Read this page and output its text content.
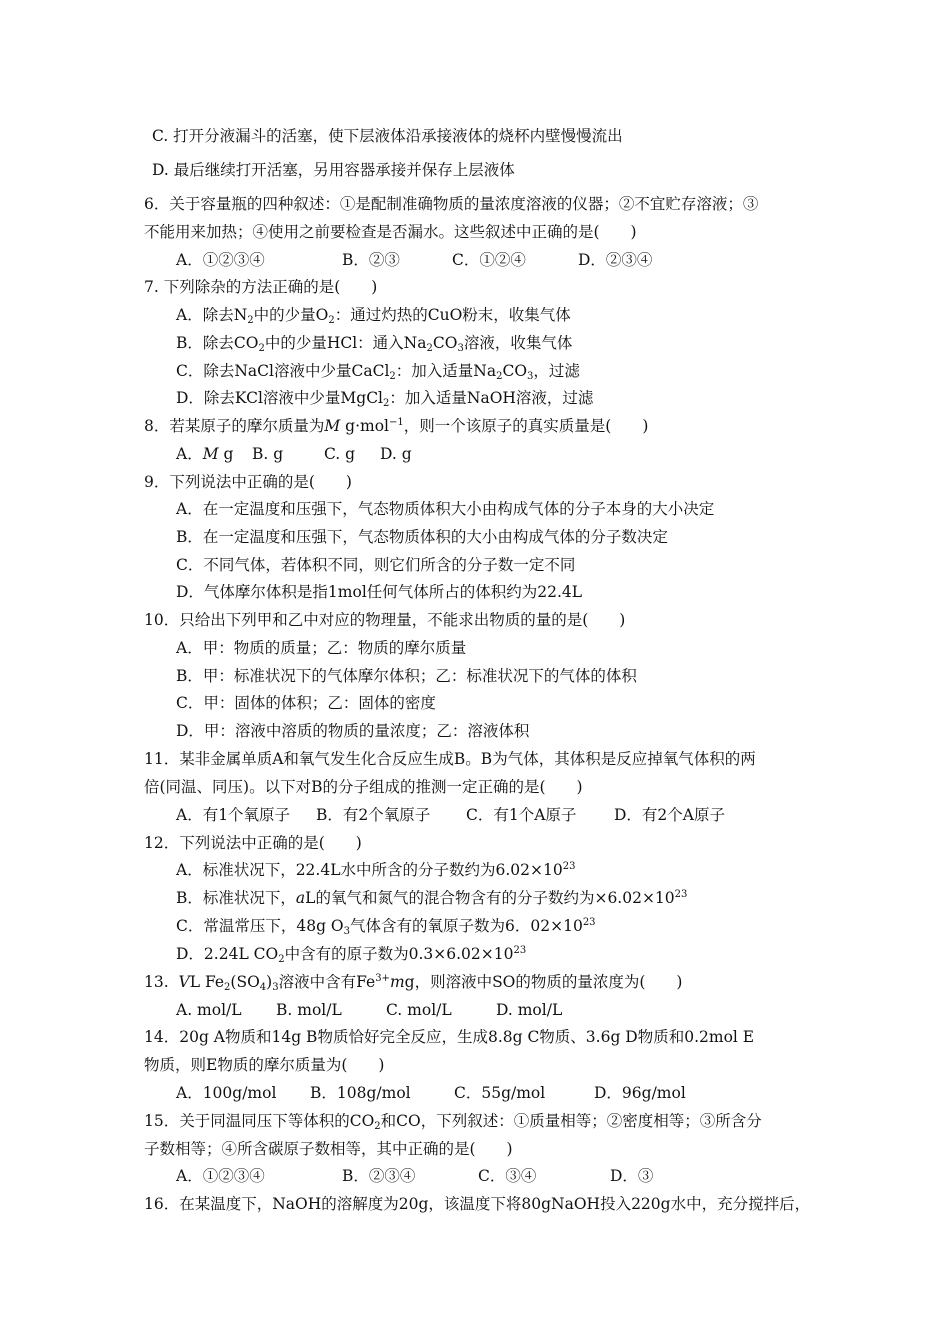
C. 打开分液漏斗的活塞，使下层液体沿承接液体的烧杯内壁慢慢流出
D. 最后继续打开活塞，另用容器承接并保存上层液体
6．关于容量瓶的四种叙述：①是配制准确物质的量浓度溶液的仪器；②不宜贮存溶液；③
不能用来加热；④使用之前要检查是否漏水。这些叙述中正确的是(　　)
A．①②③④	B．②③	C．①②④	D．②③④
7. 下列除杂的方法正确的是(　　)
A．除去$N_2$中的少量$O_2$：通过灼热的CuO粉末，收集气体
B．除去$CO_2$中的少量HCl：通入$Na_2CO_3$溶液，收集气体
C．除去NaCl溶液中少量CaCl$_2$：加入适量$Na_2CO_3$，过滤
D．除去KCl溶液中少量MgCl$_2$：加入适量NaOH溶液，过滤
8．若某原子的摩尔质量为M g·mol$^{-1}$，则一个该原子的真实质量是(　　)
A．M g	B. g	C. g	D. g
9．下列说法中正确的是(　　)
A．在一定温度和压强下，气态物质体积大小由构成气体的分子本身的大小决定
B．在一定温度和压强下，气态物质体积的大小由构成气体的分子数决定
C．不同气体，若体积不同，则它们所含的分子数一定不同
D．气体摩尔体积是指1mol任何气体所占的体积约为22.4L
10．只给出下列甲和乙中对应的物理量，不能求出物质的量的是(　　)
A．甲：物质的质量；乙：物质的摩尔质量
B．甲：标准状况下的气体摩尔体积；乙：标准状况下的气体的体积
C．甲：固体的体积；乙：固体的密度
D．甲：溶液中溶质的物质的量浓度；乙：溶液体积
11．某非金属单质A和氧气发生化合反应生成B。B为气体，其体积是反应掉氧气体积的两
倍(同温、同压)。以下对B的分子组成的推测一定正确的是(　　)
A．有1个氧原子	B．有2个氧原子	C．有1个A原子	D．有2个A原子
12．下列说法中正确的是(　　)
A．标准状况下，22.4L水中所含的分子数约为$6.02\times 10^{23}$
B．标准状况下，aL的氧气和氮气的混合物含有的分子数约为$\times 6.02\times 10^{23}$
C．常温常压下，48g $O_3$气体含有的氧原子数为6．$02\times 10^{23}$
D．2.24L $CO_2$中含有的原子数为$0.3\times 6.02\times 10^{23}$
13.  VL $Fe_2(SO_4)_3$溶液中含有$Fe^{3+}mg$，则溶液中SO的物质的量浓度为(　　)
A. mol/L	B. mol/L	C. mol/L	D. mol/L
14．20g A物质和14g B物质恰好完全反应，生成8.8g C物质、3.6g D物质和0.2mol E
物质，则E物质的摩尔质量为(　　)
A．100g/mol	B．108g/mol	C．55g/mol	D．96g/mol
15．关于同温同压下等体积的$CO_2$和CO，下列叙述：①质量相等；②密度相等；③所含分
子数相等；④所含碳原子数相等，其中正确的是(　　)
A．①②③④	B．②③④	C．③④	D．③
16．在某温度下，NaOH的溶解度为20g，该温度下将80gNaOH投入220g水中，充分搅拌后，
